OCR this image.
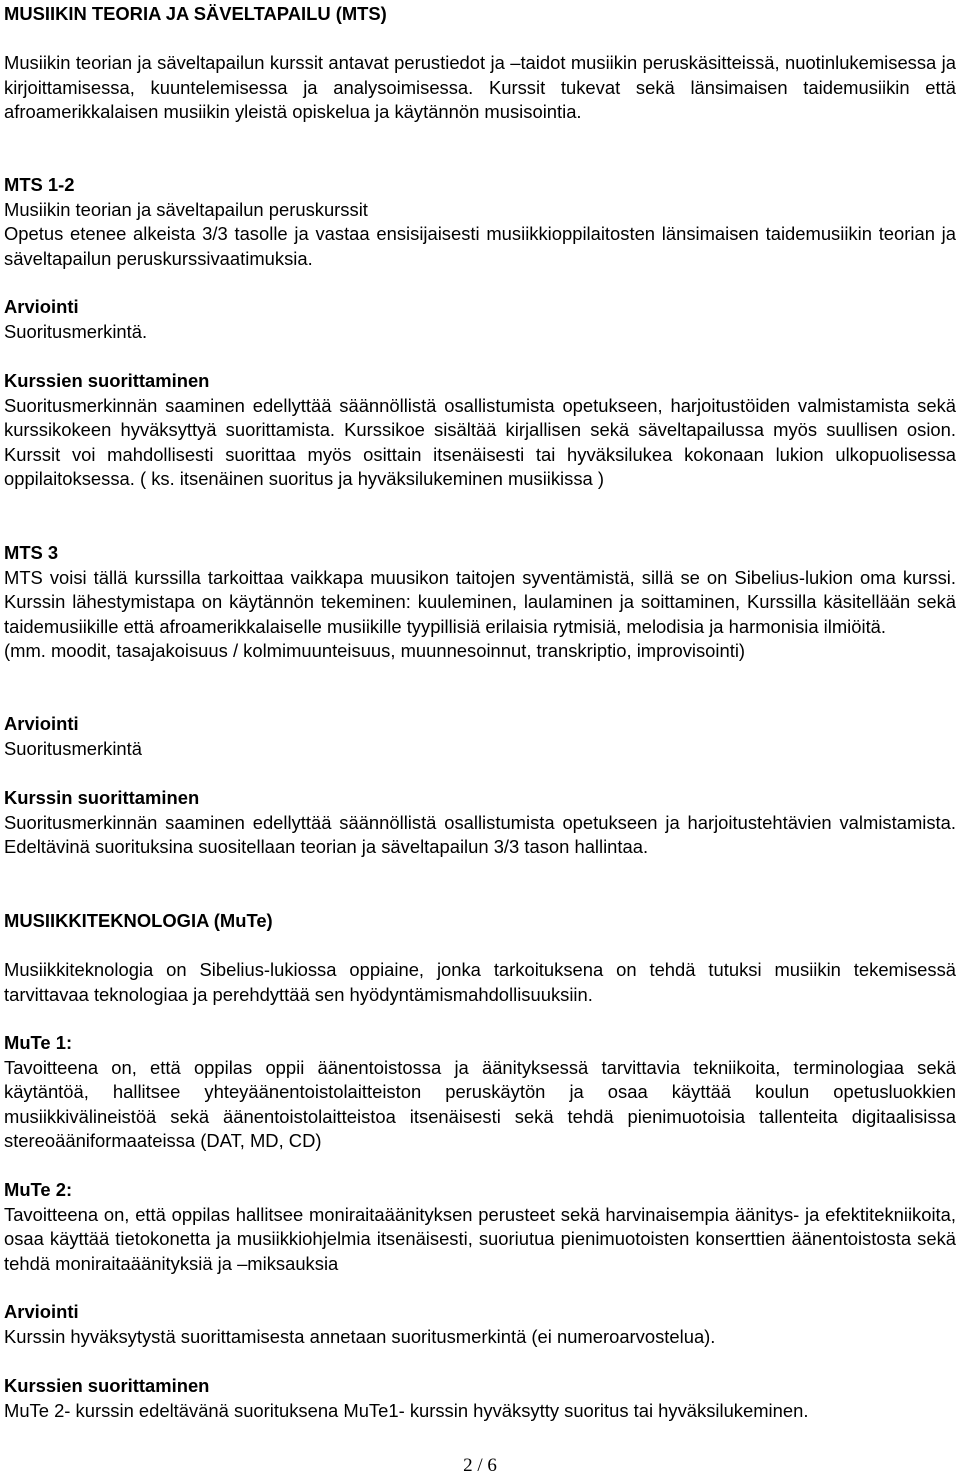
MUSIIKIN TEORIA JA SÄVELTAPAILU (MTS)
Musiikin teorian ja säveltapailun kurssit antavat perustiedot ja –taidot musiikin peruskäsitteissä, nuotinlukemisessa ja kirjoittamisessa, kuuntelemisessa ja analysoimisessa. Kurssit tukevat sekä länsimaisen taidemusiikin että afroamerikkalaisen musiikin yleistä opiskelua ja käytännön musisointia.
MTS 1-2
Musiikin teorian ja säveltapailun peruskurssit
Opetus etenee alkeista 3/3 tasolle ja vastaa ensisijaisesti musiikkioppilaitosten länsimaisen taidemusiikin teorian ja säveltapailun peruskurssivaatimuksia.
Arviointi
Suoritusmerkintä.
Kurssien suorittaminen
Suoritusmerkinnän saaminen edellyttää säännöllistä osallistumista opetukseen, harjoitustöiden valmistamista sekä kurssikokeen hyväksyttyä suorittamista. Kurssikoe sisältää kirjallisen sekä säveltapailussa myös suullisen osion. Kurssit voi mahdollisesti suorittaa myös osittain itsenäisesti tai hyväksilukea kokonaan lukion ulkopuolisessa oppilaitoksessa. ( ks. itsenäinen suoritus ja hyväksilukeminen musiikissa )
MTS 3
MTS voisi tällä kurssilla tarkoittaa vaikkapa muusikon taitojen syventämistä, sillä se on Sibelius-lukion oma kurssi. Kurssin lähestymistapa on käytännön tekeminen: kuuleminen, laulaminen ja soittaminen, Kurssilla käsitellään sekä taidemusiikille että afroamerikkalaiselle musiikille tyypillisiä erilaisia rytmisiä, melodisia ja harmonisia ilmiöitä.
(mm. moodit, tasajakoisuus / kolmimuunteisuus, muunnesoinnut, transkriptio, improvisointi)
Arviointi
Suoritusmerkintä
Kurssin suorittaminen
Suoritusmerkinnän saaminen edellyttää säännöllistä osallistumista opetukseen ja harjoitustehtävien valmistamista. Edeltävinä suorituksina suositellaan teorian ja säveltapailun 3/3 tason hallintaa.
MUSIIKKITEKNOLOGIA (MuTe)
Musiikkiteknologia on Sibelius-lukiossa oppiaine, jonka tarkoituksena on tehdä tutuksi musiikin tekemisessä tarvittavaa teknologiaa ja perehdyttää sen hyödyntämismahdollisuuksiin.
MuTe 1:
Tavoitteena on, että oppilas oppii äänentoistossa ja äänityksessä tarvittavia tekniikoita, terminologiaa sekä käytäntöä, hallitsee yhteyäänentoistolaitteiston peruskäytön ja osaa käyttää koulun opetusluokkien musiikkivälineistöä sekä äänentoistolaitteistoa itsenäisesti sekä tehdä pienimuotoisia tallenteita digitaalisissa stereoääniformaateissa (DAT, MD, CD)
MuTe 2:
Tavoitteena on, että oppilas hallitsee moniraitaäänityksen perusteet sekä harvinaisempia äänitys- ja efektitekniikoita, osaa käyttää tietokonetta ja musiikkiohjelmia itsenäisesti, suoriutua pienimuotoisten konserttien äänentoistosta sekä tehdä moniraitaäänityksiä ja –miksauksia
Arviointi
Kurssin hyväksytystä suorittamisesta annetaan suoritusmerkintä (ei numeroarvostelua).
Kurssien suorittaminen
MuTe 2- kurssin edeltävänä suorituksena MuTe1- kurssin hyväksytty suoritus tai hyväksilukeminen.
2 / 6
